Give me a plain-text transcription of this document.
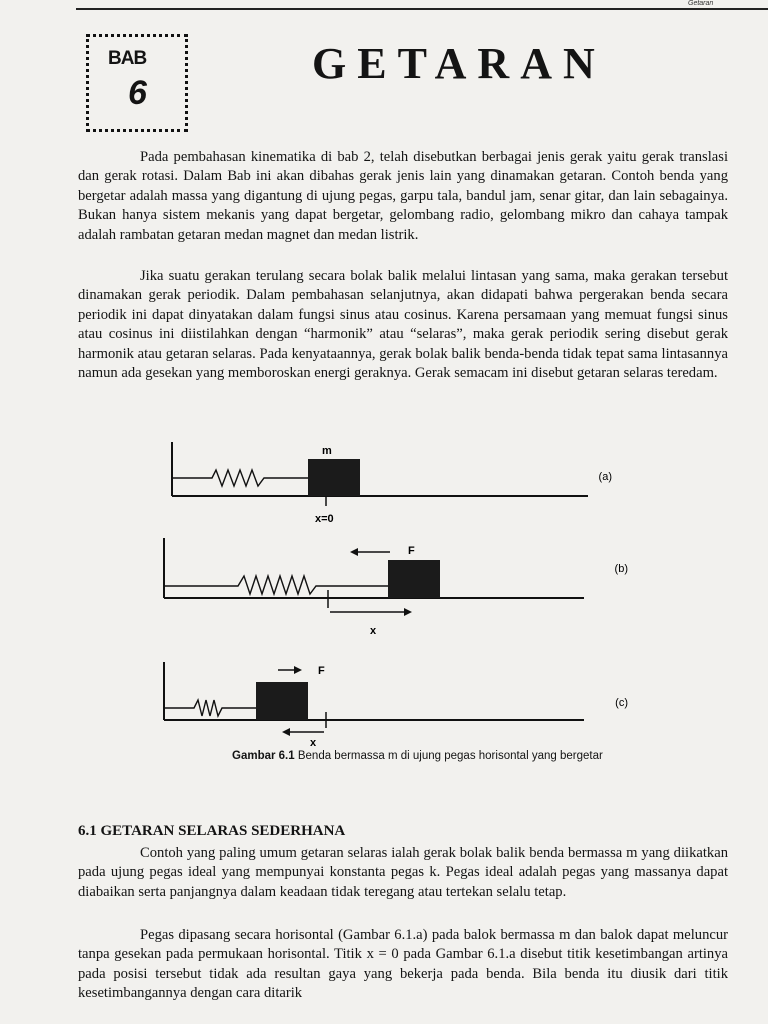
Getaran
BAB
6
GETARAN

Pada pembahasan kinematika di bab 2, telah disebutkan berbagai jenis gerak yaitu gerak translasi dan gerak rotasi. Dalam Bab ini akan dibahas gerak jenis lain yang dinamakan getaran. Contoh benda yang bergetar adalah massa yang digantung di ujung pegas, garpu tala, bandul jam, senar gitar, dan lain sebagainya. Bukan hanya sistem mekanis yang dapat bergetar, gelombang radio, gelombang mikro dan cahaya tampak adalah rambatan getaran medan magnet dan medan listrik.

Jika suatu gerakan terulang secara bolak balik melalui lintasan yang sama, maka gerakan tersebut dinamakan gerak periodik. Dalam pembahasan selanjutnya, akan didapati bahwa pergerakan benda secara periodik ini dapat dinyatakan dalam fungsi sinus atau cosinus. Karena persamaan yang memuat fungsi sinus atau cosinus ini diistilahkan dengan “harmonik” atau “selaras”, maka gerak periodik sering disebut gerak harmonik atau getaran selaras. Pada kenyataannya, gerak bolak balik benda-benda tidak tepat sama lintasannya namun ada gesekan yang memboroskan energi geraknya. Gerak semacam ini disebut getaran selaras teredam.

m
x=0
(a)
F
x
(b)
F
x
(c)
Gambar 6.1 Benda bermassa m di ujung pegas horisontal yang bergetar
6.1 GETARAN SELARAS SEDERHANA

Contoh yang paling umum getaran selaras ialah gerak bolak balik benda bermassa m yang diikatkan pada ujung pegas ideal yang mempunyai konstanta pegas k. Pegas ideal adalah pegas yang massanya dapat diabaikan serta panjangnya dalam keadaan tidak teregang atau tertekan selalu tetap.

Pegas dipasang secara horisontal (Gambar 6.1.a) pada balok bermassa m dan balok dapat meluncur tanpa gesekan pada permukaan horisontal. Titik x = 0 pada Gambar 6.1.a disebut titik kesetimbangan artinya pada posisi tersebut tidak ada resultan gaya yang bekerja pada benda. Bila benda itu diusik dari titik kesetimbangannya dengan cara ditarik
